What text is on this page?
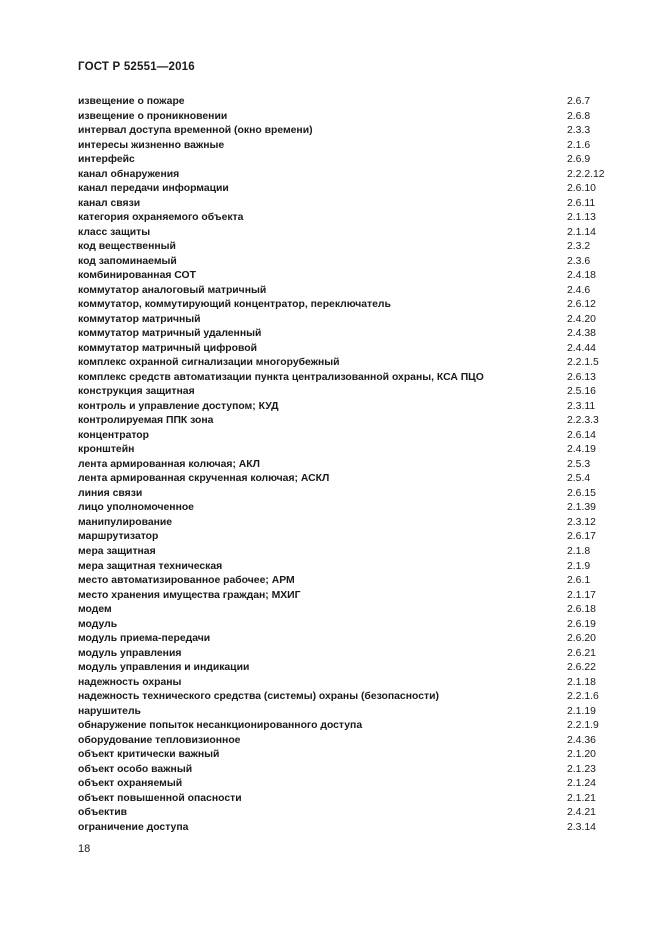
ГОСТ Р 52551—2016
извещение о пожаре	2.6.7
извещение о проникновении	2.6.8
интервал доступа временной (окно времени)	2.3.3
интересы жизненно важные	2.1.6
интерфейс	2.6.9
канал обнаружения	2.2.2.12
канал передачи информации	2.6.10
канал связи	2.6.11
категория охраняемого объекта	2.1.13
класс защиты	2.1.14
код вещественный	2.3.2
код запоминаемый	2.3.6
комбинированная СОТ	2.4.18
коммутатор аналоговый матричный	2.4.6
коммутатор, коммутирующий концентратор, переключатель	2.6.12
коммутатор матричный	2.4.20
коммутатор матричный удаленный	2.4.38
коммутатор матричный цифровой	2.4.44
комплекс охранной сигнализации многорубежный	2.2.1.5
комплекс средств автоматизации пункта централизованной охраны, КСА ПЦО	2.6.13
конструкция защитная	2.5.16
контроль и управление доступом; КУД	2.3.11
контролируемая ППК зона	2.2.3.3
концентратор	2.6.14
кронштейн	2.4.19
лента армированная колючая; АКЛ	2.5.3
лента армированная скрученная колючая; АСКЛ	2.5.4
линия связи	2.6.15
лицо уполномоченное	2.1.39
манипулирование	2.3.12
маршрутизатор	2.6.17
мера защитная	2.1.8
мера защитная техническая	2.1.9
место автоматизированное рабочее; АРМ	2.6.1
место хранения имущества граждан; МХИГ	2.1.17
модем	2.6.18
модуль	2.6.19
модуль приема-передачи	2.6.20
модуль управления	2.6.21
модуль управления и индикации	2.6.22
надежность охраны	2.1.18
надежность технического средства (системы) охраны (безопасности)	2.2.1.6
нарушитель	2.1.19
обнаружение попыток несанкционированного доступа	2.2.1.9
оборудование тепловизионное	2.4.36
объект критически важный	2.1.20
объект особо важный	2.1.23
объект охраняемый	2.1.24
объект повышенной опасности	2.1.21
объектив	2.4.21
ограничение доступа	2.3.14
18
